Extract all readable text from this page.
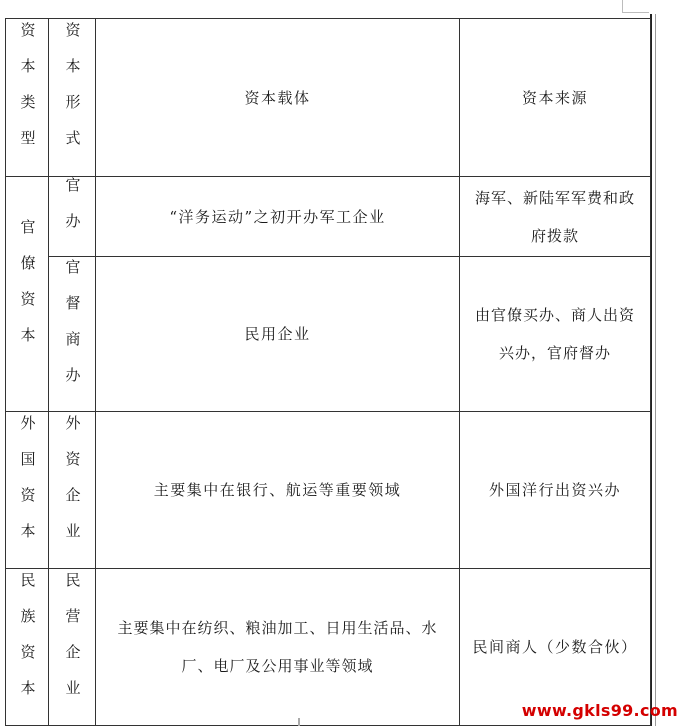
资本类型	资本形式	资本载体	资本来源
官僚资本	官办	“洋务运动”之初开办军工企业	海军、新陆军军费和政府拨款
	官督商办	民用企业	由官僚买办、商人出资兴办，官府督办
外国资本	外资企业	主要集中在银行、航运等重要领域	外国洋行出资兴办
民族资本	民营企业	主要集中在纺织、粮油加工、日用生活品、水厂、电厂及公用事业等领域	民间商人（少数合伙）
www.gkls99.com
